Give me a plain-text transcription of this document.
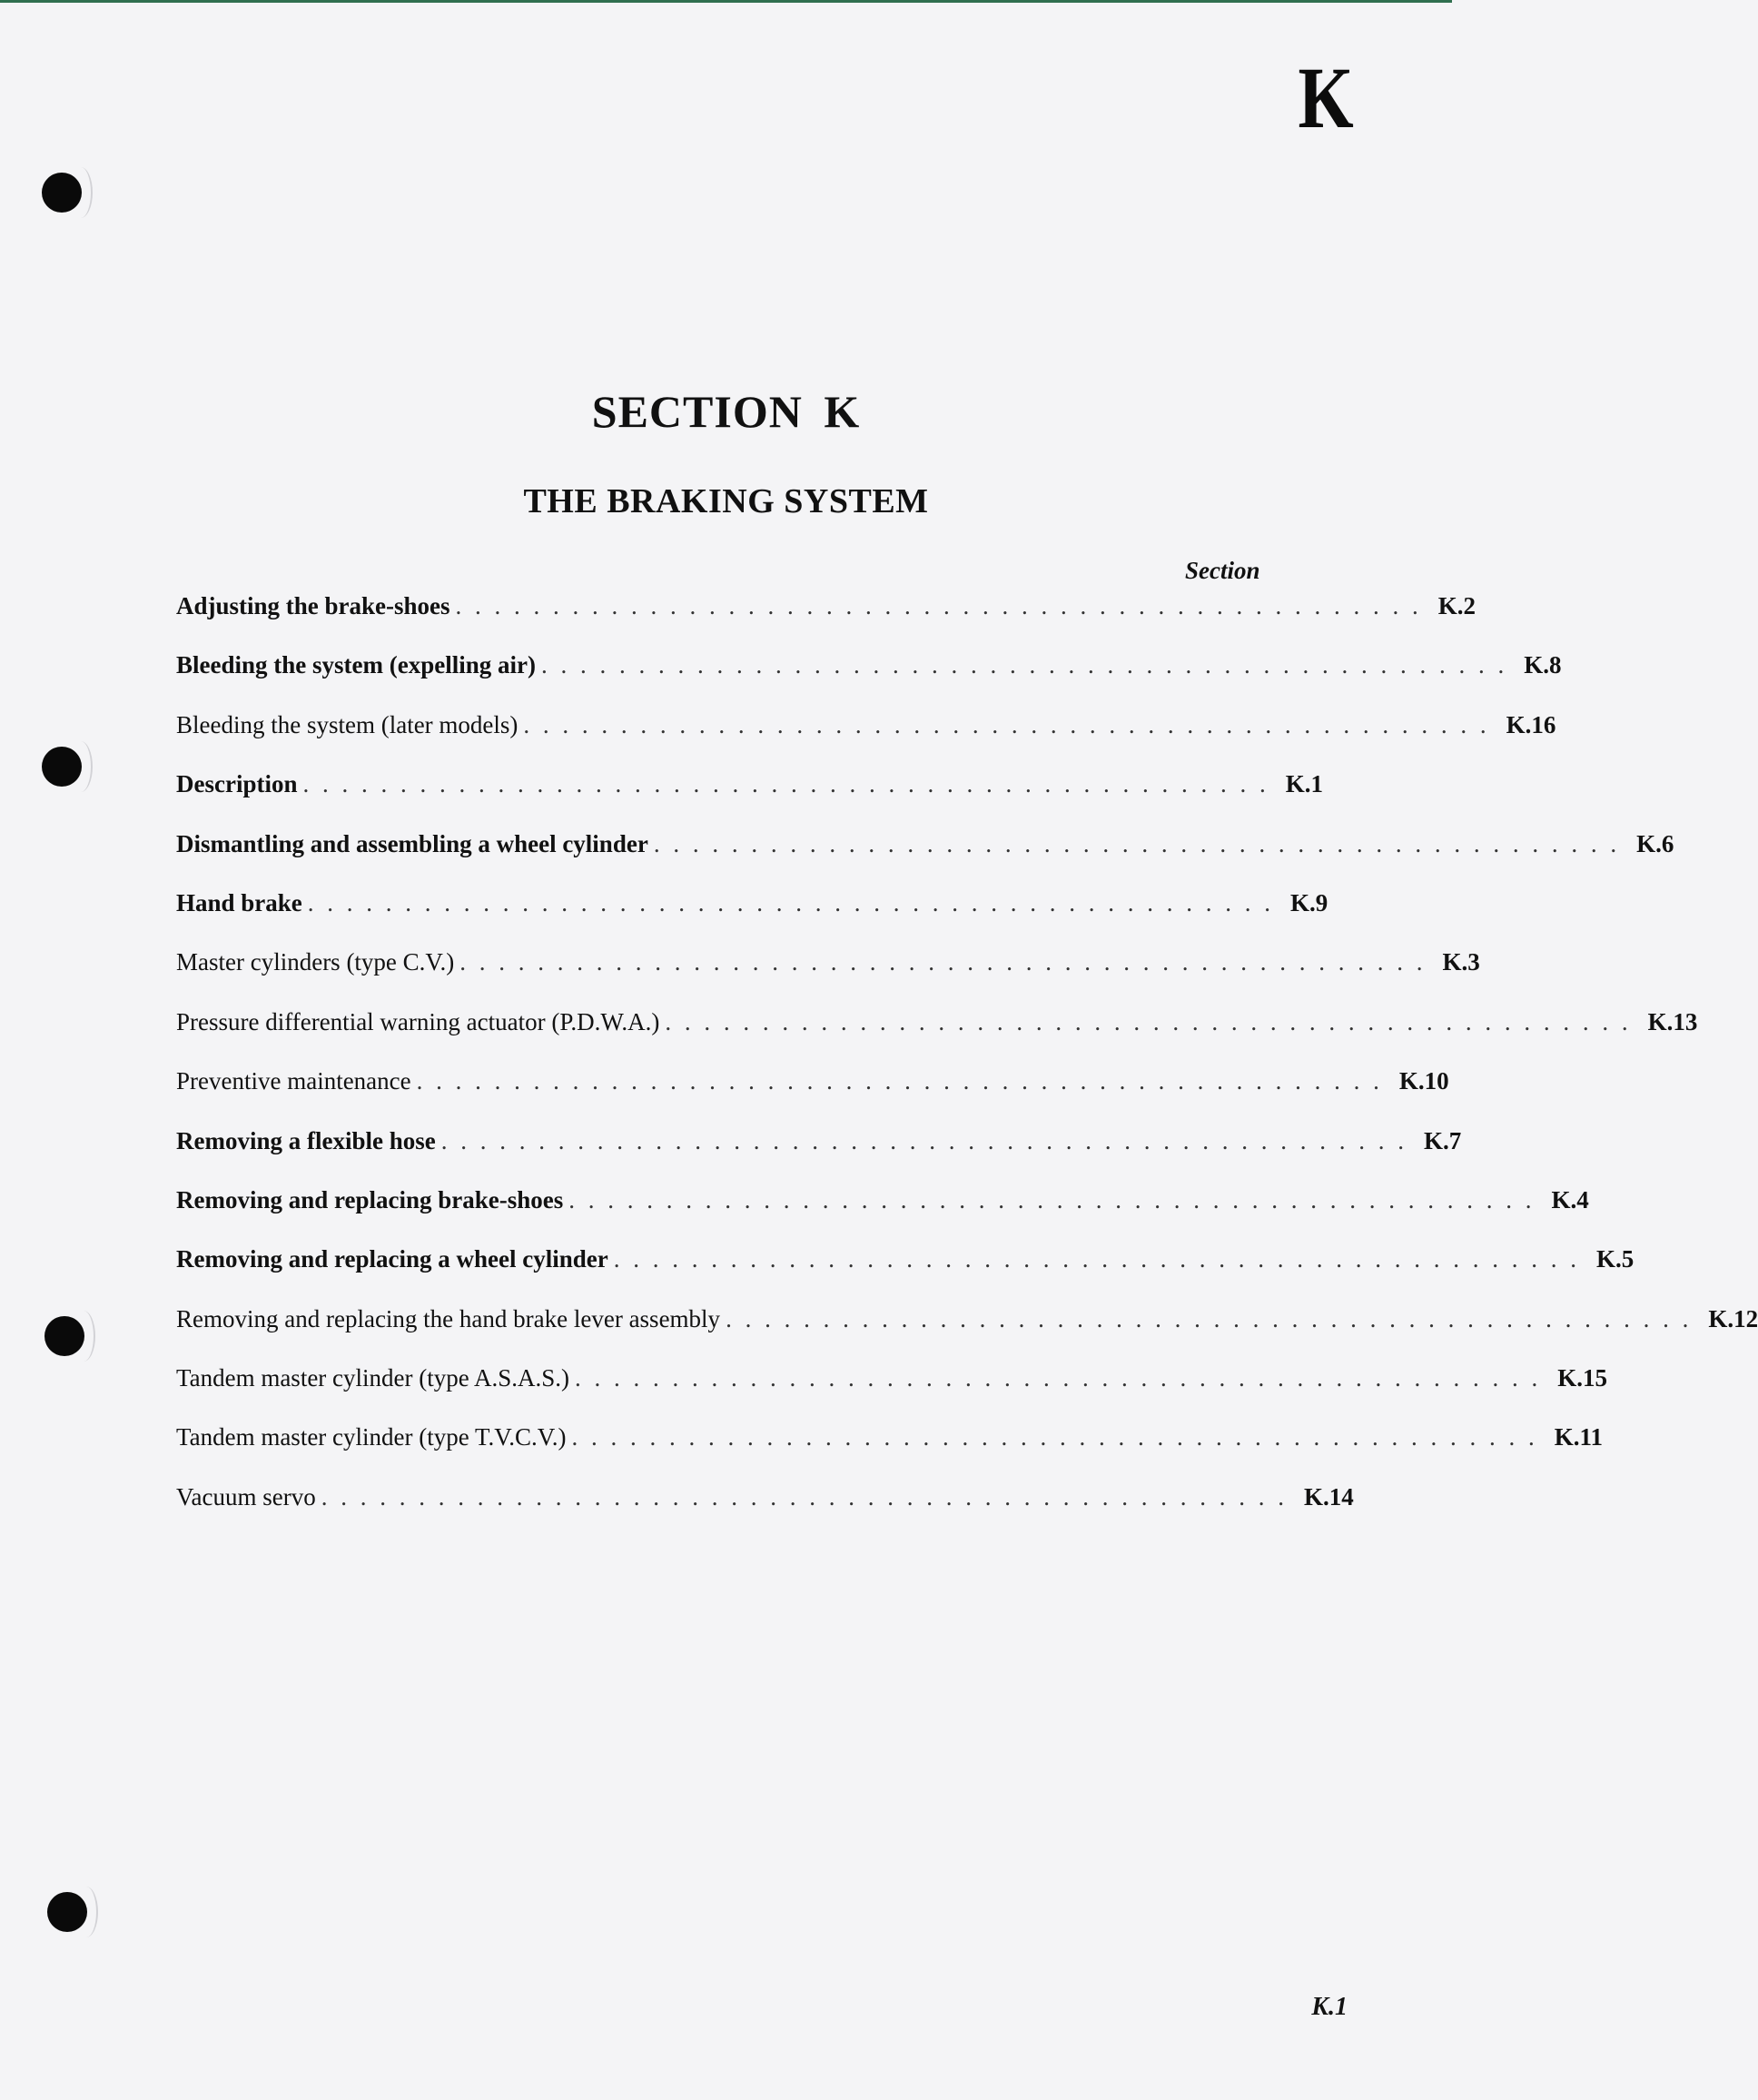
K
SECTION K
THE BRAKING SYSTEM
Section
Adjusting the brake-shoes . . . . . . . . . . . . . . . . . . . . . . . . . . . . . . . . . . . . . . . . . . . . . . . . . . K.2
Bleeding the system (expelling air) . . . . . . . . . . . . . . . . . . . . . . . . . . . . . . . . . . . . . . . . . . . . . . . . . . K.8
Bleeding the system (later models) . . . . . . . . . . . . . . . . . . . . . . . . . . . . . . . . . . . . . . . . . . . . . . . . . . K.16
Description . . . . . . . . . . . . . . . . . . . . . . . . . . . . . . . . . . . . . . . . . . . . . . . . . . K.1
Dismantling and assembling a wheel cylinder . . . . . . . . . . . . . . . . . . . . . . . . . . . . . . . . . . . . . . . . . . . . . . . . . . K.6
Hand brake . . . . . . . . . . . . . . . . . . . . . . . . . . . . . . . . . . . . . . . . . . . . . . . . . . K.9
Master cylinders (type C.V.) . . . . . . . . . . . . . . . . . . . . . . . . . . . . . . . . . . . . . . . . . . . . . . . . . . K.3
Pressure differential warning actuator (P.D.W.A.) . . . . . . . . . . . . . . . . . . . . . . . . . . . . . . . . . . . . . . . . . . . . . . . . . . K.13
Preventive maintenance . . . . . . . . . . . . . . . . . . . . . . . . . . . . . . . . . . . . . . . . . . . . . . . . . . K.10
Removing a flexible hose . . . . . . . . . . . . . . . . . . . . . . . . . . . . . . . . . . . . . . . . . . . . . . . . . . K.7
Removing and replacing brake-shoes . . . . . . . . . . . . . . . . . . . . . . . . . . . . . . . . . . . . . . . . . . . . . . . . . . K.4
Removing and replacing a wheel cylinder . . . . . . . . . . . . . . . . . . . . . . . . . . . . . . . . . . . . . . . . . . . . . . . . . . K.5
Removing and replacing the hand brake lever assembly . . . . . . . . . . . . . . . . . . . . . . . . . . . . . . . . . . . . . . . . . . . . . . . . . . K.12
Tandem master cylinder (type A.S.A.S.) . . . . . . . . . . . . . . . . . . . . . . . . . . . . . . . . . . . . . . . . . . . . . . . . . . K.15
Tandem master cylinder (type T.V.C.V.) . . . . . . . . . . . . . . . . . . . . . . . . . . . . . . . . . . . . . . . . . . . . . . . . . . K.11
Vacuum servo . . . . . . . . . . . . . . . . . . . . . . . . . . . . . . . . . . . . . . . . . . . . . . . . . . K.14
K.1
